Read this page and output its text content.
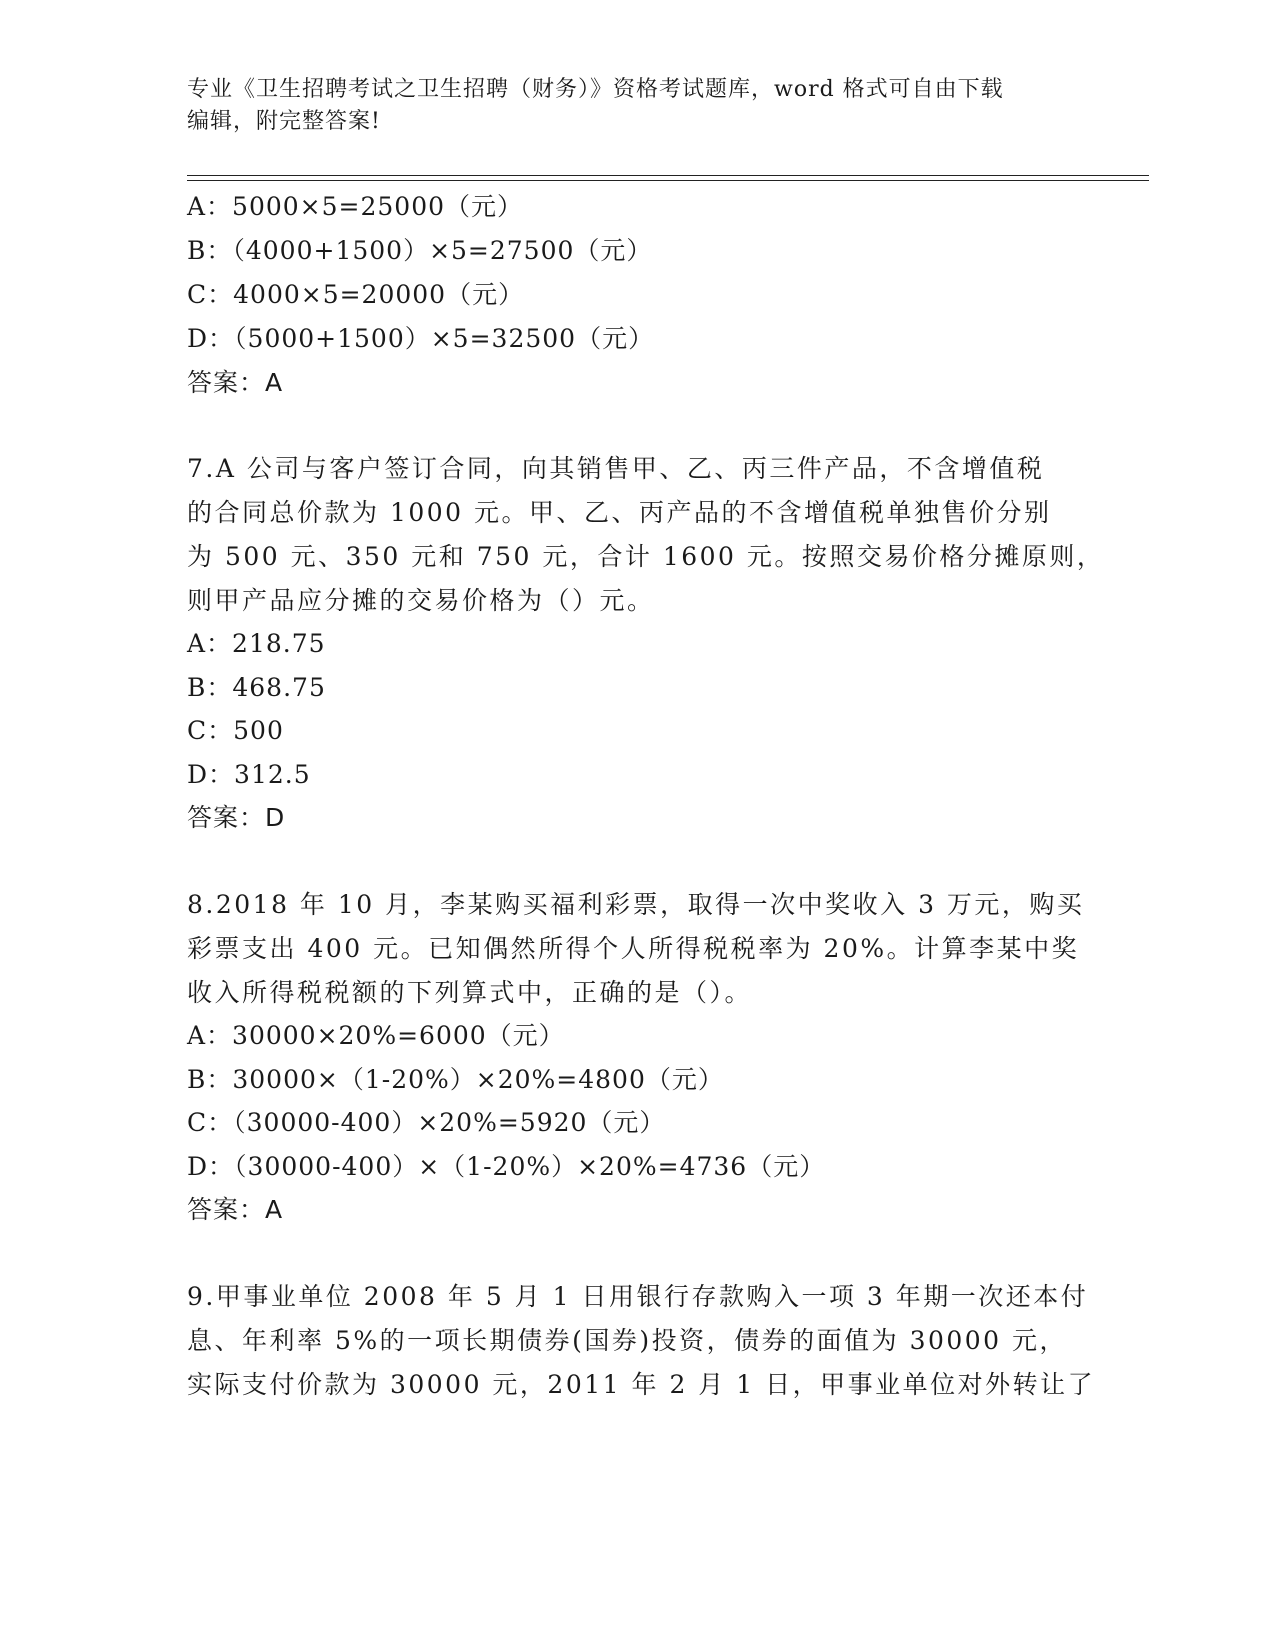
专业《卫生招聘考试之卫生招聘（财务）》资格考试题库，word 格式可自由下载
编辑，附完整答案!
A：5000×5=25000（元）
B：（4000+1500）×5=27500（元）
C：4000×5=20000（元）
D：（5000+1500）×5=32500（元）
答案：A
7.A 公司与客户签订合同，向其销售甲、乙、丙三件产品，不含增值税
的合同总价款为 1000 元。甲、乙、丙产品的不含增值税单独售价分别
为 500 元、350 元和 750 元，合计 1600 元。按照交易价格分摊原则，
则甲产品应分摊的交易价格为（）元。
A：218.75
B：468.75
C：500
D：312.5
答案：D
8.2018 年 10 月，李某购买福利彩票，取得一次中奖收入 3 万元，购买
彩票支出 400 元。已知偶然所得个人所得税税率为 20%。计算李某中奖
收入所得税税额的下列算式中，正确的是（）。
A：30000×20%=6000（元）
B：30000×（1-20%）×20%=4800（元）
C：（30000-400）×20%=5920（元）
D：（30000-400）×（1-20%）×20%=4736（元）
答案：A
9.甲事业单位 2008 年 5 月 1 日用银行存款购入一项 3 年期一次还本付
息、年利率 5%的一项长期债券(国券)投资，债券的面值为 30000 元，
实际支付价款为 30000 元，2011 年 2 月 1 日，甲事业单位对外转让了
